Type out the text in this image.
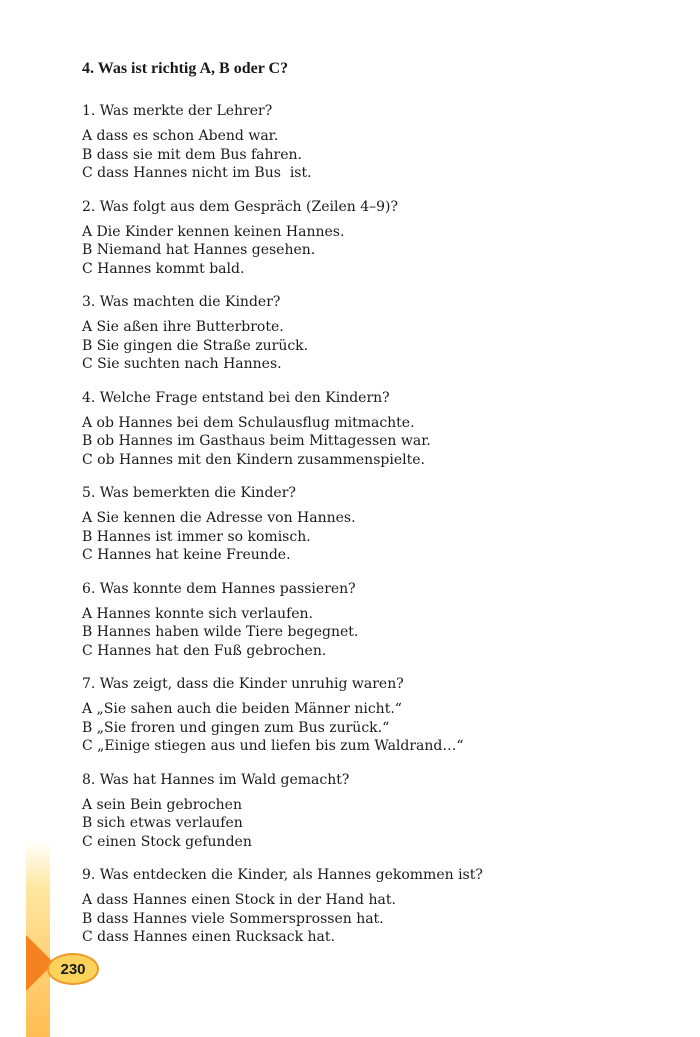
230
4. Was ist richtig A, B oder C?
1. Was merkte der Lehrer?
A dass es schon Abend war.
B dass sie mit dem Bus fahren.
C dass Hannes nicht im Bus  ist.
2. Was folgt aus dem Gespräch (Zeilen 4–9)?
A Die Kinder kennen keinen Hannes.
B Niemand hat Hannes gesehen.
C Hannes kommt bald.
3. Was machten die Kinder?
A Sie aßen ihre Butterbrote.
B Sie gingen die Straße zurück.
C Sie suchten nach Hannes.
4. Welche Frage entstand bei den Kindern?
A ob Hannes bei dem Schulausflug mitmachte.
B ob Hannes im Gasthaus beim Mittagessen war.
C ob Hannes mit den Kindern zusammenspielte.
5. Was bemerkten die Kinder?
A Sie kennen die Adresse von Hannes.
B Hannes ist immer so komisch.
C Hannes hat keine Freunde.
6. Was konnte dem Hannes passieren?
A Hannes konnte sich verlaufen.
B Hannes haben wilde Tiere begegnet.
C Hannes hat den Fuß gebrochen.
7. Was zeigt, dass die Kinder unruhig waren?
A „Sie sahen auch die beiden Männer nicht.“
B „Sie froren und gingen zum Bus zurück.“
C „Einige stiegen aus und liefen bis zum Waldrand…“
8. Was hat Hannes im Wald gemacht?
A sein Bein gebrochen
B sich etwas verlaufen
C einen Stock gefunden
9. Was entdecken die Kinder, als Hannes gekommen ist?
A dass Hannes einen Stock in der Hand hat.
B dass Hannes viele Sommersprossen hat.
C dass Hannes einen Rucksack hat.
